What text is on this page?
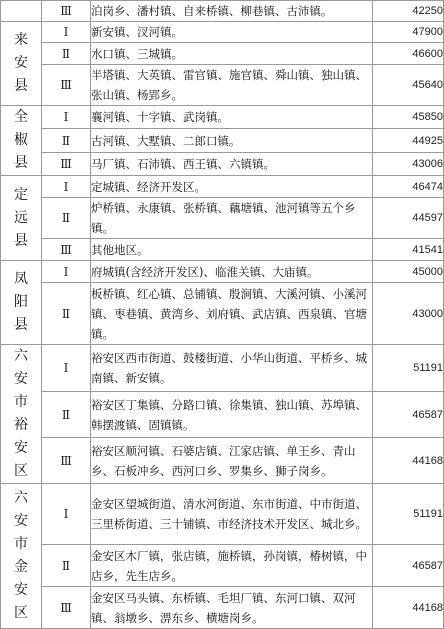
	Ⅲ	泊岗乡、潘村镇、自来桥镇、柳巷镇、古沛镇。	42250
来安县	Ⅰ	新安镇、汊河镇。	47900
	Ⅱ	水口镇、三城镇。	46600
	Ⅲ	半塔镇、大英镇、雷官镇、施官镇、舜山镇、独山镇、张山镇、杨郢乡。	45640
全椒县	Ⅰ	襄河镇、十字镇、武岗镇。	45850
	Ⅱ	古河镇、大墅镇、二郎口镇。	44925
	Ⅲ	马厂镇、石沛镇、西王镇、六镇镇。	43006
定远县	Ⅰ	定城镇、经济开发区。	46474
	Ⅱ	炉桥镇、永康镇、张桥镇、藕塘镇、池河镇等五个乡镇。	44597
	Ⅲ	其他地区。	41541
凤阳县	Ⅰ	府城镇(含经济开发区)、临淮关镇、大庙镇。	45000
	Ⅱ	板桥镇、红心镇、总铺镇、殷涧镇、大溪河镇、小溪河镇、枣巷镇、黄湾乡、刘府镇、武店镇、西泉镇、官塘镇。	43000
六安市裕安区	Ⅰ	裕安区西市街道、鼓楼街道、小华山街道、平桥乡、城南镇、新安镇。	51191
	Ⅱ	裕安区丁集镇、分路口镇、徐集镇、独山镇、苏埠镇、韩摆渡镇、固镇镇。	46587
	Ⅲ	裕安区顺河镇、石婆店镇、江家店镇、单王乡、青山乡、石板冲乡、西河口乡、罗集乡、狮子岗乡。	44168
六安市金安区	Ⅰ	金安区望城街道、清水河街道、东市街道、中市街道、三里桥街道、三十铺镇、市经济技术开发区、城北乡。	51191
	Ⅱ	金安区木厂镇，张店镇，施桥镇，孙岗镇，椿树镇，中店乡，先生店乡。	46587
	Ⅲ	金安区马头镇、东桥镇、毛坦厂镇、东河口镇、双河镇、翁墩乡、淠东乡、横塘岗乡。	44168
